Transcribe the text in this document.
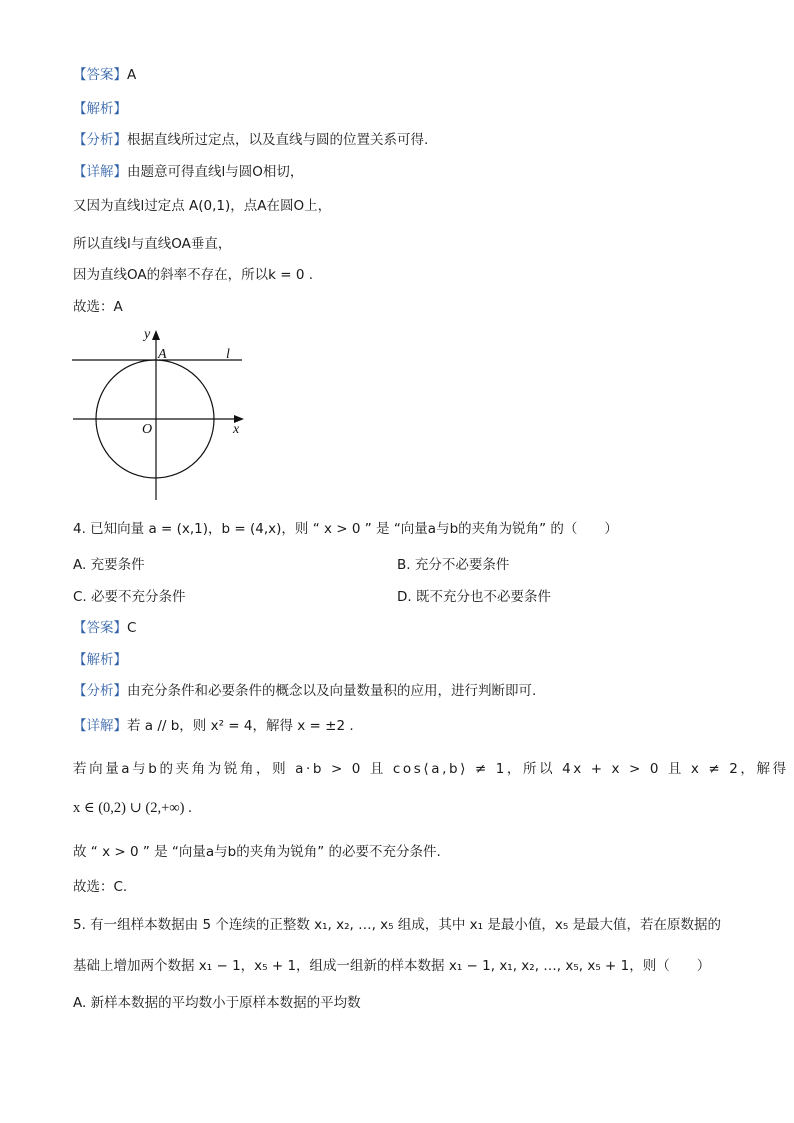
【答案】A
【解析】
【分析】根据直线所过定点，以及直线与圆的位置关系可得.
【详解】由题意可得直线l与圆O相切，
又因为直线l过定点 A(0,1)，点A在圆O上，
所以直线l与直线OA垂直，
因为直线OA的斜率不存在，所以k = 0 .
故选：A
y
A	l
O	x
4. 已知向量 a = (x,1)，b = (4,x)，则 “ x > 0 ” 是 “向量a与b的夹角为锐角” 的（　　）
A. 充要条件	B. 充分不必要条件
C. 必要不充分条件	D. 既不充分也不必要条件
【答案】C
【解析】
【分析】由充分条件和必要条件的概念以及向量数量积的应用，进行判断即可.
【详解】若 a // b，则 x² = 4，解得 x = ±2 .
若向量a与b的夹角为锐角，则 a·b > 0 且 cos⟨a,b⟩ ≠ 1，所以 4x + x > 0 且 x ≠ 2，解得
x ∈ (0,2) ∪ (2,+∞) .
故 “ x > 0 ” 是 “向量a与b的夹角为锐角” 的必要不充分条件.
故选：C.
5. 有一组样本数据由 5 个连续的正整数 x₁, x₂, …, x₅ 组成，其中 x₁ 是最小值，x₅ 是最大值，若在原数据的
基础上增加两个数据 x₁ − 1，x₅ + 1，组成一组新的样本数据 x₁ − 1, x₁, x₂, …, x₅, x₅ + 1，则（　　）
A. 新样本数据的平均数小于原样本数据的平均数
